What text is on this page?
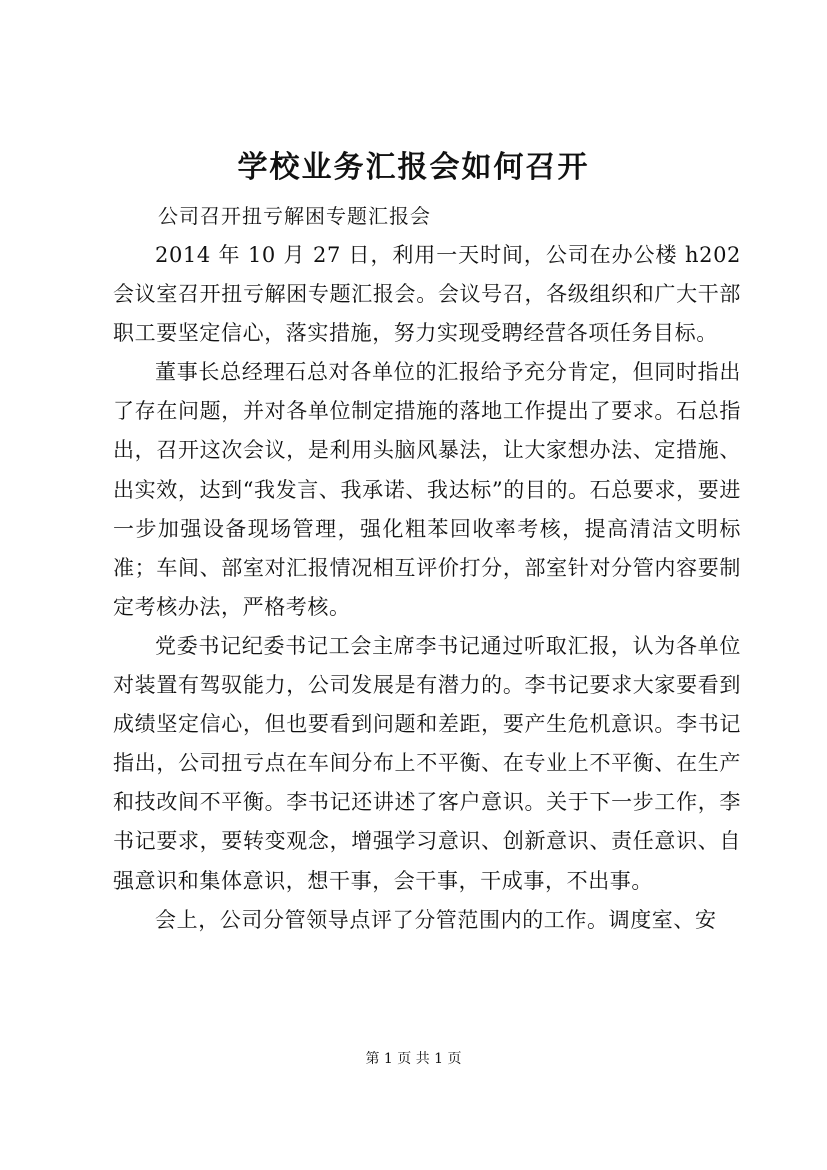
学校业务汇报会如何召开
公司召开扭亏解困专题汇报会

2014 年 10 月 27 日，利用一天时间，公司在办公楼 h202 会议室召开扭亏解困专题汇报会。会议号召，各级组织和广大干部职工要坚定信心，落实措施，努力实现受聘经营各项任务目标。

董事长总经理石总对各单位的汇报给予充分肯定，但同时指出了存在问题，并对各单位制定措施的落地工作提出了要求。石总指出，召开这次会议，是利用头脑风暴法，让大家想办法、定措施、出实效，达到“我发言、我承诺、我达标”的目的。石总要求，要进一步加强设备现场管理，强化粗苯回收率考核，提高清洁文明标准；车间、部室对汇报情况相互评价打分，部室针对分管内容要制定考核办法，严格考核。

党委书记纪委书记工会主席李书记通过听取汇报，认为各单位对装置有驾驭能力，公司发展是有潜力的。李书记要求大家要看到成绩坚定信心，但也要看到问题和差距，要产生危机意识。李书记指出，公司扭亏点在车间分布上不平衡、在专业上不平衡、在生产和技改间不平衡。李书记还讲述了客户意识。关于下一步工作，李书记要求，要转变观念，增强学习意识、创新意识、责任意识、自强意识和集体意识，想干事，会干事，干成事，不出事。

会上，公司分管领导点评了分管范围内的工作。调度室、安

第 1 页 共 1 页
